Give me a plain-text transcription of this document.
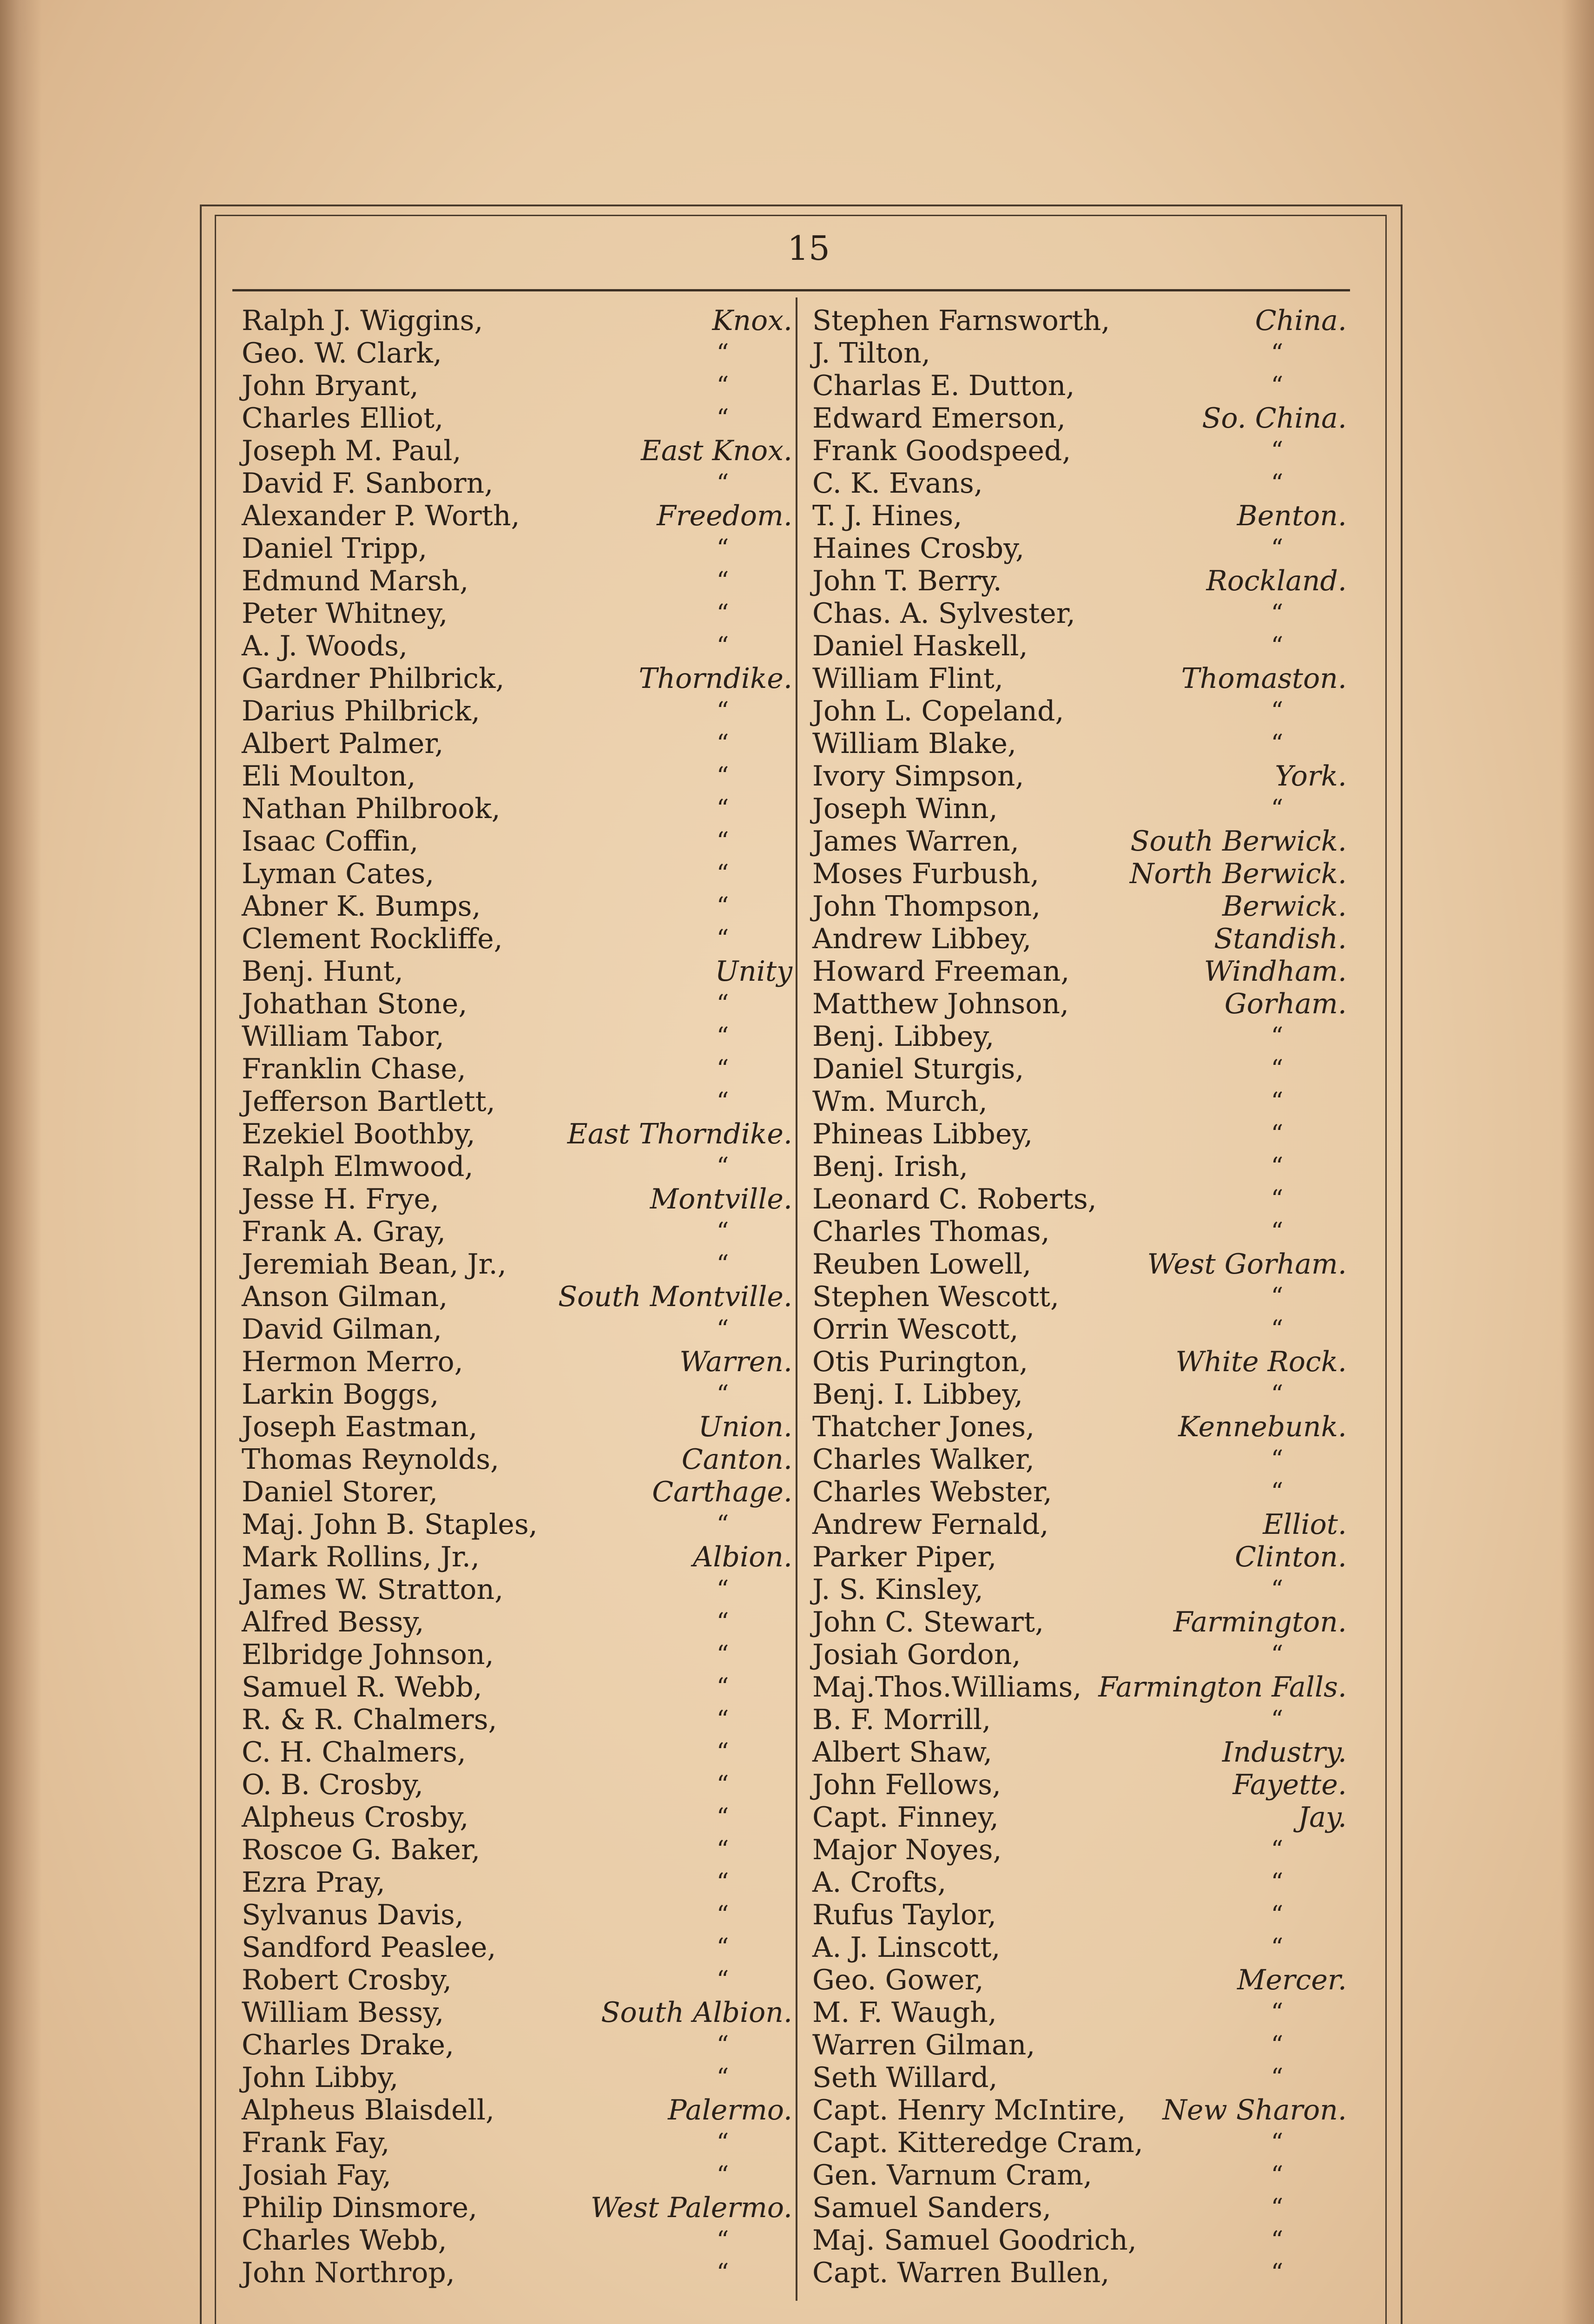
15
Ralph J. Wiggins,	Knox.
Geo. W. Clark,	“
John Bryant,	“
Charles Elliot,	“
Joseph M. Paul,	East Knox.
David F. Sanborn,	“
Alexander P. Worth,	Freedom.
Daniel Tripp,	“
Edmund Marsh,	“
Peter Whitney,	“
A. J. Woods,	“
Gardner Philbrick,	Thorndike.
Darius Philbrick,	“
Albert Palmer,	“
Eli Moulton,	“
Nathan Philbrook,	“
Isaac Coffin,	“
Lyman Cates,	“
Abner K. Bumps,	“
Clement Rockliffe,	“
Benj. Hunt,	Unity
Johathan Stone,	“
William Tabor,	“
Franklin Chase,	“
Jefferson Bartlett,	“
Ezekiel Boothby,	East Thorndike.
Ralph Elmwood,	“
Jesse H. Frye,	Montville.
Frank A. Gray,	“
Jeremiah Bean, Jr.,	“
Anson Gilman,	South Montville.
David Gilman,	“
Hermon Merro,	Warren.
Larkin Boggs,	“
Joseph Eastman,	Union.
Thomas Reynolds,	Canton.
Daniel Storer,	Carthage.
Maj. John B. Staples,	“
Mark Rollins, Jr.,	Albion.
James W. Stratton,	“
Alfred Bessy,	“
Elbridge Johnson,	“
Samuel R. Webb,	“
R. & R. Chalmers,	“
C. H. Chalmers,	“
O. B. Crosby,	“
Alpheus Crosby,	“
Roscoe G. Baker,	“
Ezra Pray,	“
Sylvanus Davis,	“
Sandford Peaslee,	“
Robert Crosby,	“
William Bessy,	South Albion.
Charles Drake,	“
John Libby,	“
Alpheus Blaisdell,	Palermo.
Frank Fay,	“
Josiah Fay,	“
Philip Dinsmore,	West Palermo.
Charles Webb,	“
John Northrop,	“
Stephen Farnsworth,	China.
J. Tilton,	“
Charlas E. Dutton,	“
Edward Emerson,	So. China.
Frank Goodspeed,	“
C. K. Evans,	“
T. J. Hines,	Benton.
Haines Crosby,	“
John T. Berry.	Rockland.
Chas. A. Sylvester,	“
Daniel Haskell,	“
William Flint,	Thomaston.
John L. Copeland,	“
William Blake,	“
Ivory Simpson,	York.
Joseph Winn,	“
James Warren,	South Berwick.
Moses Furbush,	North Berwick.
John Thompson,	Berwick.
Andrew Libbey,	Standish.
Howard Freeman,	Windham.
Matthew Johnson,	Gorham.
Benj. Libbey,	“
Daniel Sturgis,	“
Wm. Murch,	“
Phineas Libbey,	“
Benj. Irish,	“
Leonard C. Roberts,	“
Charles Thomas,	“
Reuben Lowell,	West Gorham.
Stephen Wescott,	“
Orrin Wescott,	“
Otis Purington,	White Rock.
Benj. I. Libbey,	“
Thatcher Jones,	Kennebunk.
Charles Walker,	“
Charles Webster,	“
Andrew Fernald,	Elliot.
Parker Piper,	Clinton.
J. S. Kinsley,	“
John C. Stewart,	Farmington.
Josiah Gordon,	“
Maj.Thos.Williams, Farmington Falls.
B. F. Morrill,	“
Albert Shaw,	Industry.
John Fellows,	Fayette.
Capt. Finney,	Jay.
Major Noyes,	“
A. Crofts,	“
Rufus Taylor,	“
A. J. Linscott,	“
Geo. Gower,	Mercer.
M. F. Waugh,	“
Warren Gilman,	“
Seth Willard,	“
Capt. Henry McIntire, New Sharon.
Capt. Kitteredge Cram,	“
Gen. Varnum Cram,	“
Samuel Sanders,	“
Maj. Samuel Goodrich,	“
Capt. Warren Bullen,	“
